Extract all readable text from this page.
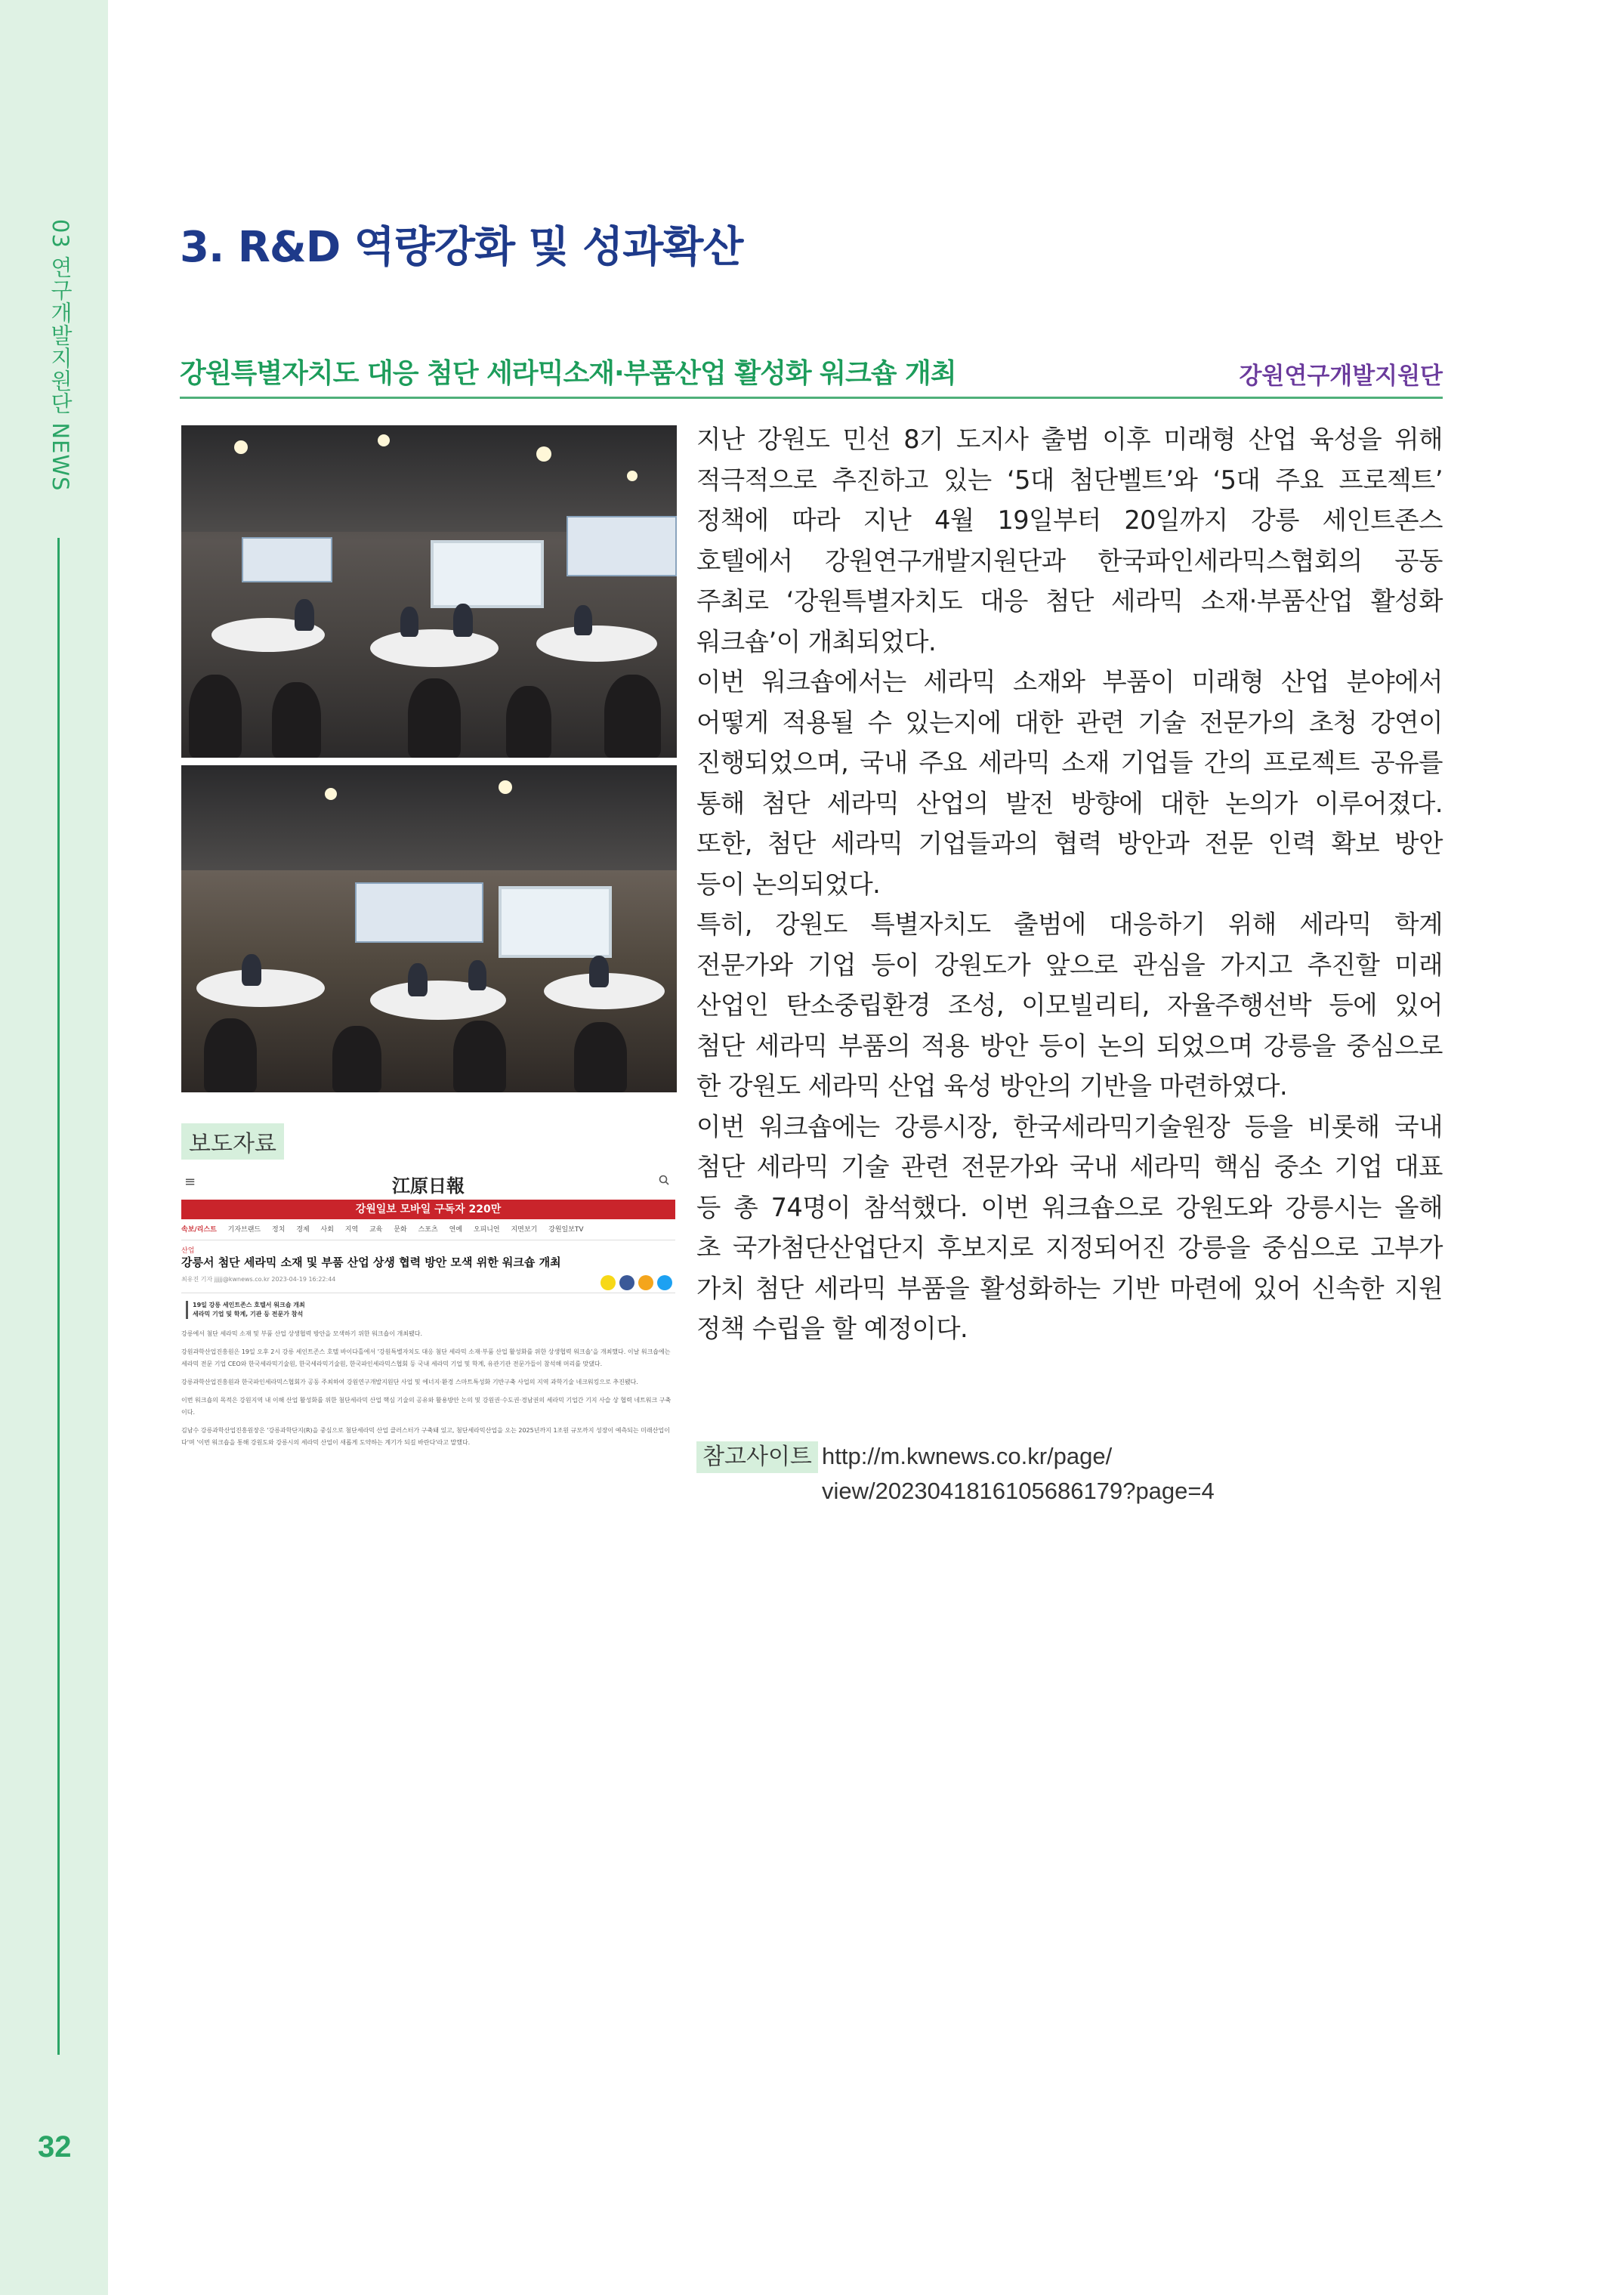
03 연구개발지원단 NEWS
32
3. R&D 역량강화 및 성과확산
강원특별자치도 대응 첨단 세라믹소재·부품산업 활성화 워크숍 개최	강원연구개발지원단
보도자료
≡	江原日報
강원일보 모바일 구독자 220만
속보/리스트 기자브랜드 정치 경제 사회 지역 교육 문화 스포츠 연예 오피니언 지면보기 강원일보TV
산업
강릉서 첨단 세라믹 소재 및 부품 산업 상생 협력 방안 모색 위한 워크숍 개최
최유진 기자 jjjjj@kwnews.co.kr 2023-04-19 16:22:44
19일 강릉 세인트존스 호텔서 워크숍 개최
세라믹 기업 및 학계, 기관 등 전문가 참석

강릉에서 첨단 세라믹 소재 및 부품 산업 상생협력 방안을 모색하기 위한 워크숍이 개최됐다.

강원과학산업진흥원은 19일 오후 2시 강릉 세인트존스 호텔 바이다홀에서 '강원특별자치도 대응 첨단 세라믹 소재·부품 산업 활성화를 위한 상생협력 워크숍'을 개최했다. 이날 워크숍에는 세라믹 전문 기업 CEO와 한국세라믹기술원, 한국세라믹기술원, 한국파인세라믹스협회 등 국내 세라믹 기업 및 학계, 유관기관 전문가들이 참석해 머리를 맞댔다.

강릉과학산업진흥원과 한국파인세라믹스협회가 공동 주최하여 강원연구개발지원단 사업 및 에너지·환경 스마트특성화 기반구축 사업의 지역 과학기술 네크워킹으로 추진됐다.

이번 워크숍의 목적은 강원지역 내 이해 산업 활성화를 위한 첨단세라믹 산업 핵심 기술의 공유와 활용방안 논의 및 강원권·수도권·경남권의 세라믹 기업간 기지 사슬 상 협력 네트워크 구축이다.

김남수 강릉과학산업진흥원장은 '강릉과학단지(R)을 중심으로 첨단세라믹 산업 클러스터가 구축돼 있고, 첨단세라믹산업을 오는 2025년까지 1조원 규모까지 성장이 예측되는 미래산업이다'며 '이번 워크숍을 통해 강원도와 강릉시의 세라믹 산업이 새롭게 도약하는 계기가 되길 바란다'라고 말했다.

지난 강원도 민선 8기 도지사 출범 이후 미래형 산업 육성을 위해
적극적으로 추진하고 있는 ‘5대 첨단벨트’와 ‘5대 주요 프로젝트’
정책에 따라 지난 4월 19일부터 20일까지 강릉 세인트존스
호텔에서 강원연구개발지원단과 한국파인세라믹스협회의 공동
주최로 ‘강원특별자치도 대응 첨단 세라믹 소재·부품산업 활성화
워크숍’이 개최되었다.
이번 워크숍에서는 세라믹 소재와 부품이 미래형 산업 분야에서
어떻게 적용될 수 있는지에 대한 관련 기술 전문가의 초청 강연이
진행되었으며, 국내 주요 세라믹 소재 기업들 간의 프로젝트 공유를
통해 첨단 세라믹 산업의 발전 방향에 대한 논의가 이루어졌다.
또한, 첨단 세라믹 기업들과의 협력 방안과 전문 인력 확보 방안
등이 논의되었다.
특히, 강원도 특별자치도 출범에 대응하기 위해 세라믹 학계
전문가와 기업 등이 강원도가 앞으로 관심을 가지고 추진할 미래
산업인 탄소중립환경 조성, 이모빌리티, 자율주행선박 등에 있어
첨단 세라믹 부품의 적용 방안 등이 논의 되었으며 강릉을 중심으로
한 강원도 세라믹 산업 육성 방안의 기반을 마련하였다.
이번 워크숍에는 강릉시장, 한국세라믹기술원장 등을 비롯해 국내
첨단 세라믹 기술 관련 전문가와 국내 세라믹 핵심 중소 기업 대표
등 총 74명이 참석했다. 이번 워크숍으로 강원도와 강릉시는 올해
초 국가첨단산업단지 후보지로 지정되어진 강릉을 중심으로 고부가
가치 첨단 세라믹 부품을 활성화하는 기반 마련에 있어 신속한 지원
정책 수립을 할 예정이다.
참고사이트 http://m.kwnews.co.kr/page/
view/2023041816105686179?page=4
